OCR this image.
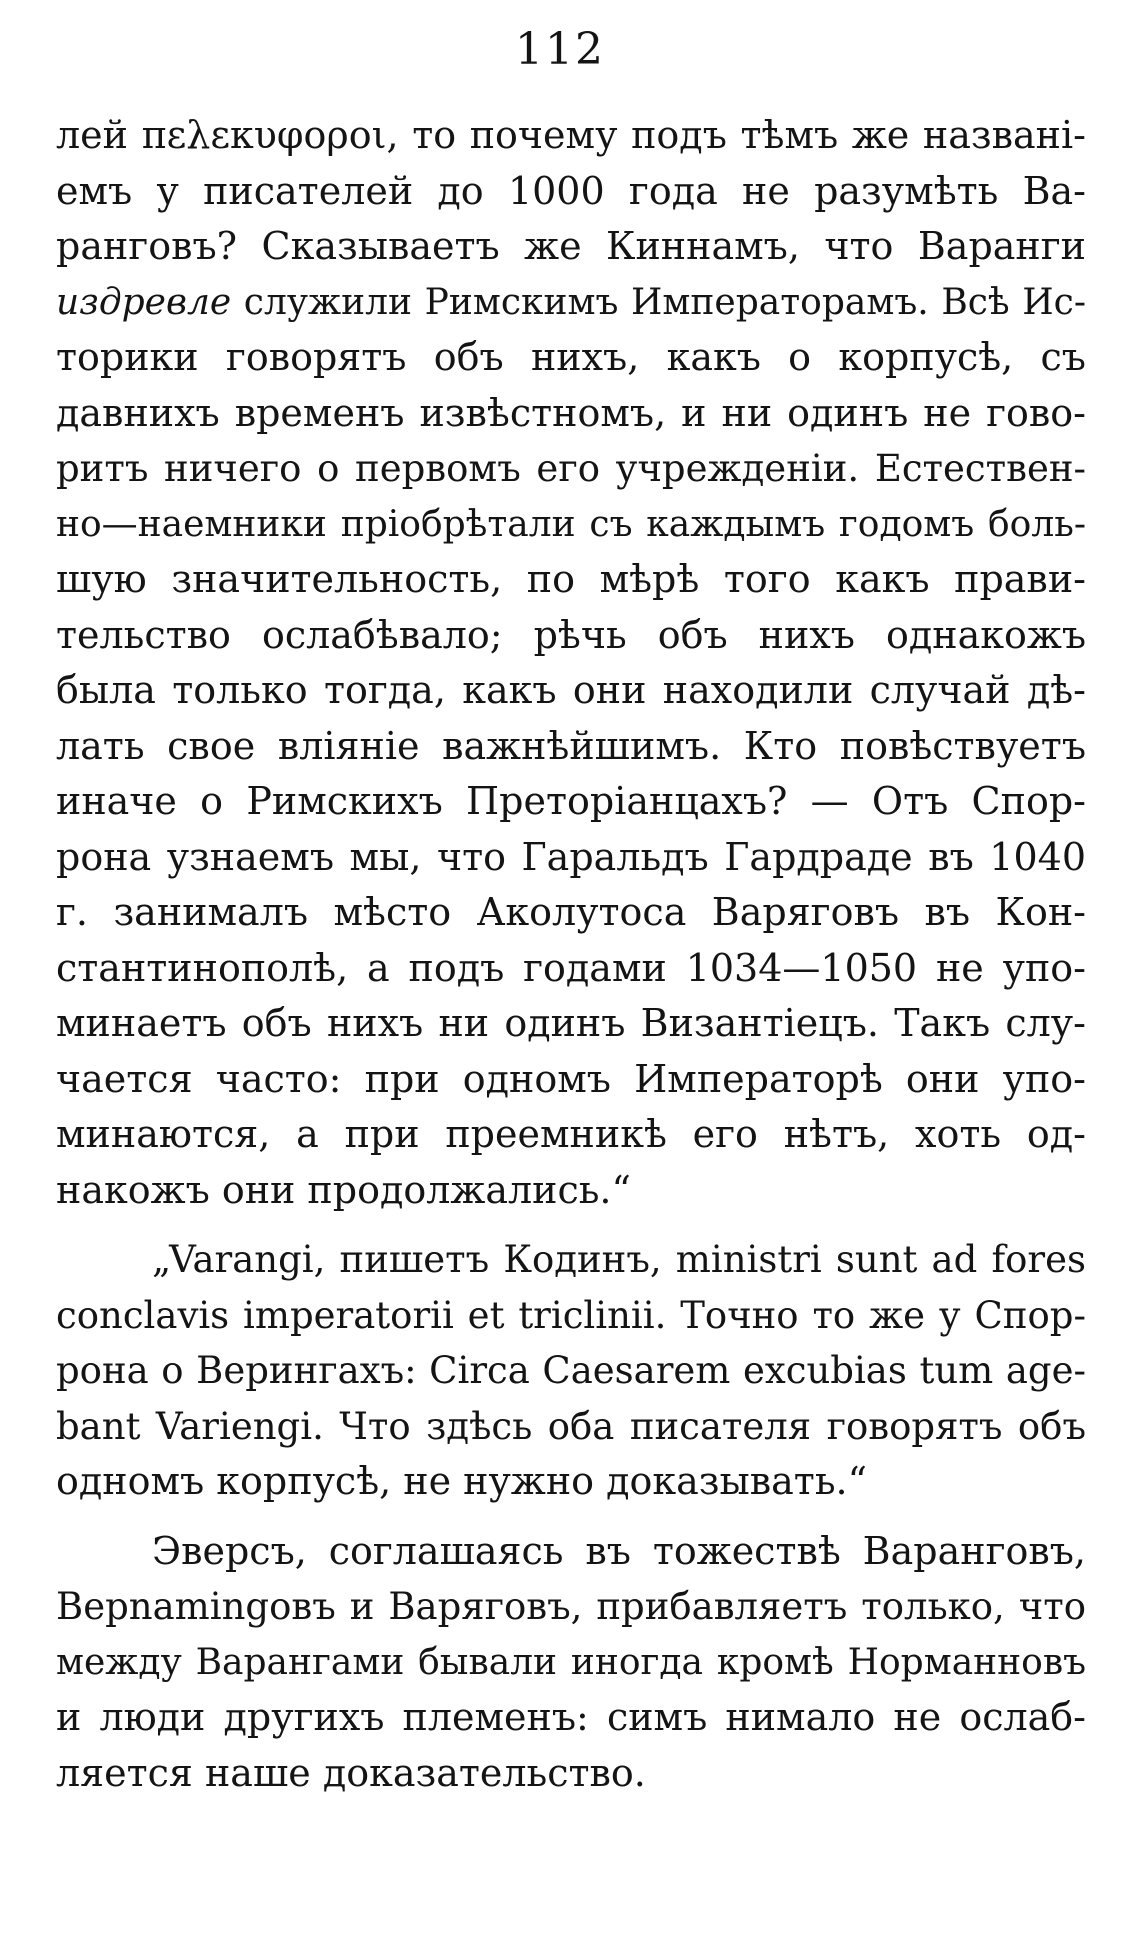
112
лей πελεκυφοροι, то почему подъ тѣмъ же названі-
емъ у писателей до 1000 года не разумѣть Ва-
ранговъ? Сказываетъ же Киннамъ, что Варанги
издревле служили Римскимъ Императорамъ. Всѣ Ис-
торики говорятъ объ нихъ, какъ о корпусѣ, съ
давнихъ временъ извѣстномъ, и ни одинъ не гово-
ритъ ничего о первомъ его учрежденіи. Естествен-
но—наемники пріобрѣтали съ каждымъ годомъ боль-
шую значительность, по мѣрѣ того какъ прави-
тельство ослабѣвало; рѣчь объ нихъ однакожъ
была только тогда, какъ они находили случай дѣ-
лать свое вліяніе важнѣйшимъ. Кто повѣствуетъ
иначе о Римскихъ Преторіанцахъ? — Отъ Спор-
рона узнаемъ мы, что Гаральдъ Гардраде въ 1040
г. занималъ мѣсто Аколутоса Варяговъ въ Кон-
стантинополѣ, а подъ годами 1034—1050 не упо-
минаетъ объ нихъ ни одинъ Византіецъ. Такъ слу-
чается часто: при одномъ Императорѣ они упо-
минаются, а при преемникѣ его нѣтъ, хоть од-
накожъ они продолжались.“
„Varangi, пишетъ Кодинъ, ministri sunt ad fores
conclavis imperatorii et triclinii. Точно то же у Спор-
рона о Верингахъ: Circa Caesarem excubias tum age-
bant Variengi. Что здѣсь оба писателя говорятъ объ
одномъ корпусѣ, не нужно доказывать.“
Эверсъ, соглашаясь въ тожествѣ Варанговъ,
Верnamingовъ и Варяговъ, прибавляетъ только, что
между Варангами бывали иногда кромѣ Норманновъ
и люди другихъ племенъ: симъ нимало не ослаб-
ляется наше доказательство.
